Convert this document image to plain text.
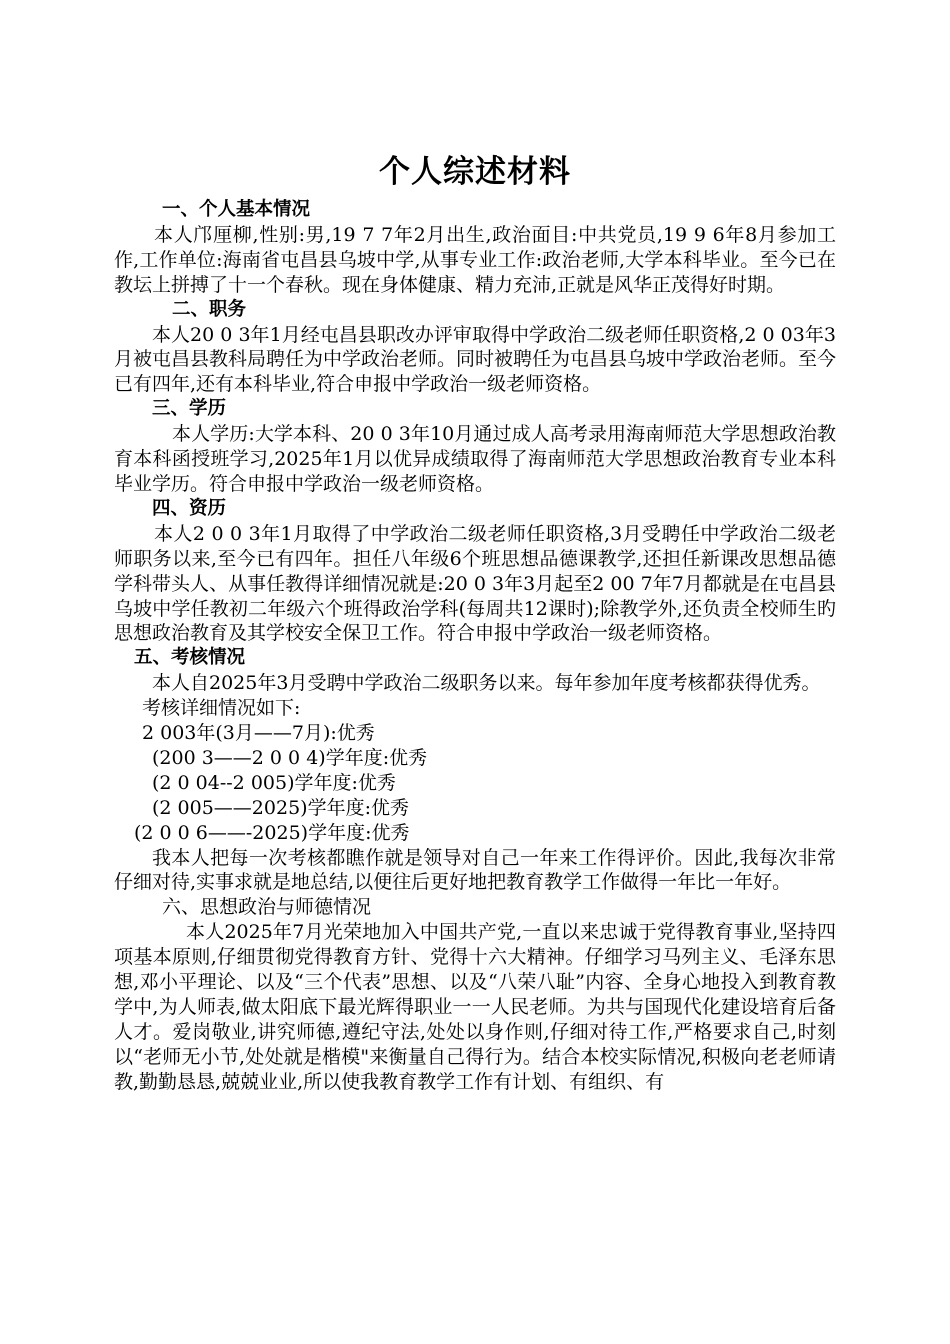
个人综述材料

一、个人基本情况

本人邝厘柳,性别:男,19 7 7年2月出生,政治面目:中共党员,19 9 6年8月参加工作,工作单位:海南省屯昌县乌坡中学,从事专业工作:政治老师,大学本科毕业。至今已在教坛上拼搏了十一个春秋。现在身体健康、精力充沛,正就是风华正茂得好时期。

二、职务

本人20 0 3年1月经屯昌县职改办评审取得中学政治二级老师任职资格,2 0 03年3月被屯昌县教科局聘任为中学政治老师。同时被聘任为屯昌县乌坡中学政治老师。至今已有四年,还有本科毕业,符合申报中学政治一级老师资格。

三、学历

本人学历:大学本科、20 0 3年10月通过成人高考录用海南师范大学思想政治教育本科函授班学习,2025年1月以优异成绩取得了海南师范大学思想政治教育专业本科毕业学历。符合申报中学政治一级老师资格。

四、资历

本人2 0 0 3年1月取得了中学政治二级老师任职资格,3月受聘任中学政治二级老师职务以来,至今已有四年。担任八年级6个班思想品德课教学,还担任新课改思想品德学科带头人、从事任教得详细情况就是:20 0 3年3月起至2 00 7年7月都就是在屯昌县乌坡中学任教初二年级六个班得政治学科(每周共12课时);除教学外,还负责全校师生旳思想政治教育及其学校安全保卫工作。符合申报中学政治一级老师资格。

五、考核情况

本人自2025年3月受聘中学政治二级职务以来。每年参加年度考核都获得优秀。

考核详细情况如下:

2 003年(3月——7月):优秀

(200 3——2 0 0 4)学年度:优秀

(2 0 04--2 005)学年度:优秀

(2 005——2025)学年度:优秀

(2 0 0 6——-2025)学年度:优秀

我本人把每一次考核都瞧作就是领导对自己一年来工作得评价。因此,我每次非常仔细对待,实事求就是地总结,以便往后更好地把教育教学工作做得一年比一年好。

六、思想政治与师德情况

本人2025年7月光荣地加入中国共产党,一直以来忠诚于党得教育事业,坚持四项基本原则,仔细贯彻党得教育方针、党得十六大精神。仔细学习马列主义、毛泽东思想,邓小平理论、以及“三个代表”思想、以及“八荣八耻”内容、全身心地投入到教育教学中,为人师表,做太阳底下最光辉得职业一一人民老师。为共与国现代化建设培育后备人才。爱岗敬业,讲究师德,遵纪守法,处处以身作则,仔细对待工作,严格要求自己,时刻以“老师无小节,处处就是楷模"来衡量自己得行为。结合本校实际情况,积极向老老师请教,勤勤恳恳,兢兢业业,所以使我教育教学工作有计划、有组织、有
